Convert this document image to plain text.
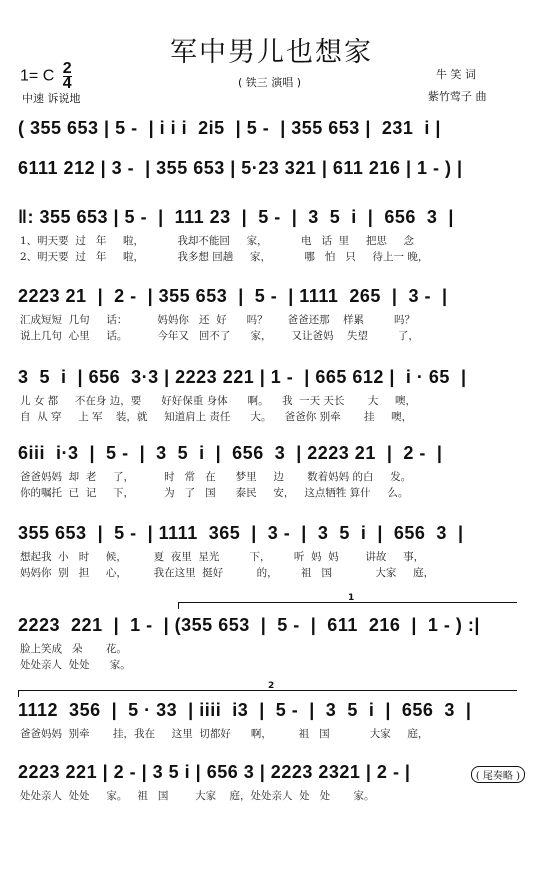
军中男儿也想家
1= C $\frac{2}{4}$
中速 诉说地
( 铁三 演唱 )
牛 笑 词
紫竹莺子 曲
( 355 653 | 5 -  | i i i  2i5  | 5 -  | 355 653 |  231  i |
6111 212 | 3 -  | 355 653 | 5·23 321 | 611 216 | 1 - ) |
‖: 355 653 | 5 -  |  111 23  |  5 -  |  3  5  i  |  656  3  |
1、明天要  过   年     啦，          我却不能回     家，          电   话  里     把思     念
2、明天要  过   年     啦，          我多想 回趟     家，          哪   怕   只     待上一 晚，
2223 21  |  2 -  | 355 653  |  5 -  | 1111  265  |  3 -  |
汇成短短  几句     话：         妈妈你   还  好      吗？      爸爸还那    样累         吗？
说上几句  心里     话。         今年又   回不了      家，      又让爸妈    失望         了，
3  5  i  | 656  3·3 | 2223 221 | 1 -  | 665 612 |  i · 65  |
儿 女 都     不在身 边，要      好好保重 身体      啊。    我  一天 天长       大     噢，
自  从 穿     上 军    装，就     知道肩上 责任      大。    爸爸你 别牵       挂     噢，
6iii  i·3  |  5 -  |  3  5  i  |  656  3  | 2223 21  |  2 -  |
爸爸妈妈  却  老     了，         时   常   在      梦里     边       数着妈妈 的白     发。
你的嘱托  已  记     下，         为   了   国      泰民     安，   这点牺牲 算什     么。
355 653  |  5 -  | 1111  365  |  3 -  |  3  5  i  |  656  3  |
想起我  小   时     候，        夏  夜里  星光         下，       听  妈  妈        讲故     事，
妈妈你  别   担     心，        我在这里  挺好          的，       祖   国             大家     庭，
1
2223  221  |  1 -  | (355 653  |  5 -  |  611  216  |  1 - ) :|
脸上笑成   朵       花。
处处亲人  处处      家。
2
1112  356  |  5 · 33  | iiii  i3  |  5 -  |  3  5  i  |  656  3  |
爸爸妈妈  别牵       挂，我在     这里  切都好      啊，        祖   国            大家     庭，
2223 221 | 2 - | 3 5 i | 656 3 | 2223 2321 | 2 - |	( 尾奏略 )
处处亲人  处处     家。   祖   国        大家    庭，处处亲人  处   处       家。
